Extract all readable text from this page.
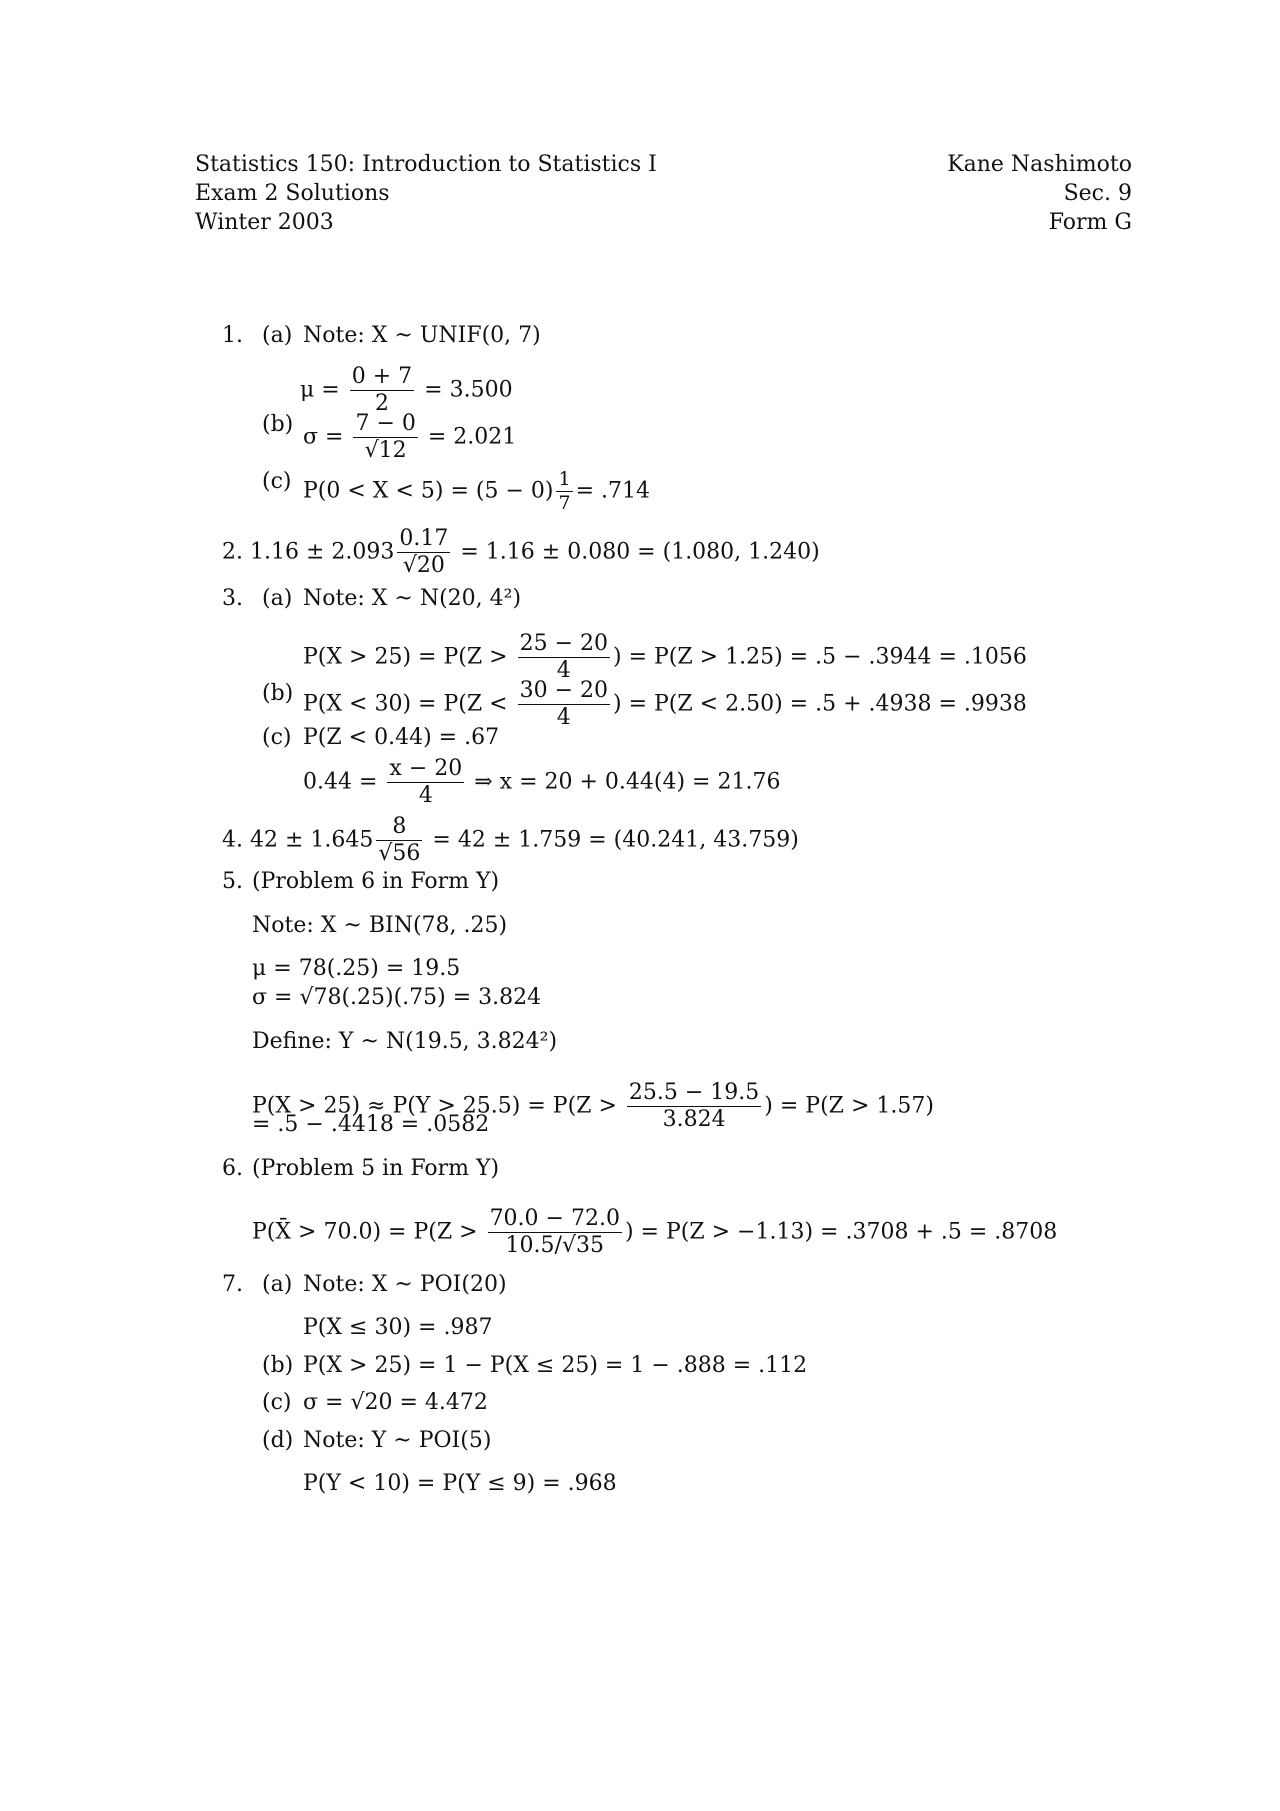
Statistics 150: Introduction to Statistics I
Exam 2 Solutions
Winter 2003
Kane Nashimoto
Sec. 9
Form G
1. (a) Note: X ~ UNIF(0, 7)
$\mu = \frac{0 + 7}{2} = 3.500$
(b) $\sigma = \frac{7 - 0}{√12} = 2.021$
(c) $P(0 < X < 5) = (5 - 0) \frac{1}{7} = .714$
2. $1.16 \pm 2.093 \frac{0.17}{√20} = 1.16 \pm 0.080 = (1.080$, 1.240)
3. (a) Note: X ~ N(20, 4²)
$P(X > 25) = P(Z > \frac{25 - 20}{4}$ ) = P(Z > 1.25) = .5 − .3944 = .1056
(b) $P(X < 30) = P(Z < \frac{30 - 20}{4}$ ) = P(Z < 2.50) = .5 + .4938 = .9938
(c) P(Z < 0.44) = .67
$0.44 = \frac{x - 20}{4}$ ⇒ x = 20 + 0.44(4) = 21.76
4. $42 \pm 1.645 \frac{8}{√56} = 42 \pm 1.759 = (40.241$, 43.759)
5. (Problem 6 in Form Y)
Note: X ~ BIN(78, .25)
μ = 78(.25) = 19.5
σ = √78(.25)(.75) = 3.824
Define: Y ~ N(19.5, 3.824²)
$P(X > 25) \approx P(Y > 25.5) = P(Z > \frac{25.5 - 19.5}{3.824}$ ) = P(Z > 1.57)
= .5 − .4418 = .0582
6. (Problem 5 in Form Y)
P(X̄ > $70.0) = P(Z > \frac{70.0 - 72.0}{10.5/√35}$ ) = P(Z > −1.13) = .3708 + .5 = .8708
7. (a) Note: X ~ POI(20)
P(X ≤ 30) = .987
(b) P(X > 25) = 1 − P(X ≤ 25) = 1 − .888 = .112
(c) σ = √20 = 4.472
(d) Note: Y ~ POI(5)
P(Y < 10) = P(Y ≤ 9) = .968
